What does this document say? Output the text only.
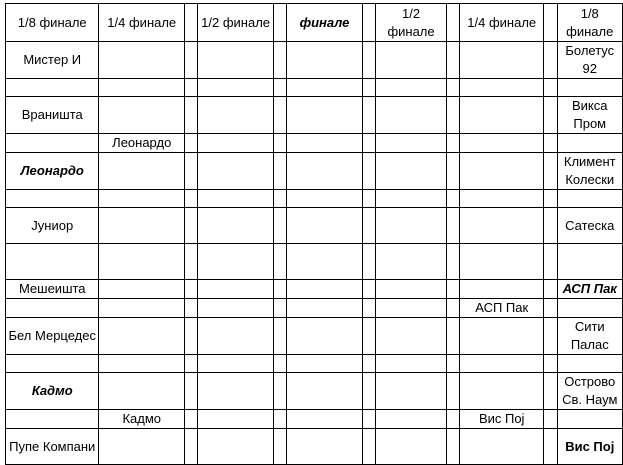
1/8 финале	1/4 финале		1/2 финале		финале		1/2 финале		1/4 финале		1/8 финале
Мистер И											Болетус 92

Враништа											Викса Пром
	Леонардо										
Леонардо											Климент Колески

Јуниор											Сатеска

Мешеишта											АСП Пак
									АСП Пак		
Бел Мерцедес											Сити Палас

Кадмо											Острово Св. Наум
	Кадмо								Вис Пој		
Пупе Компани											Вис Пој
